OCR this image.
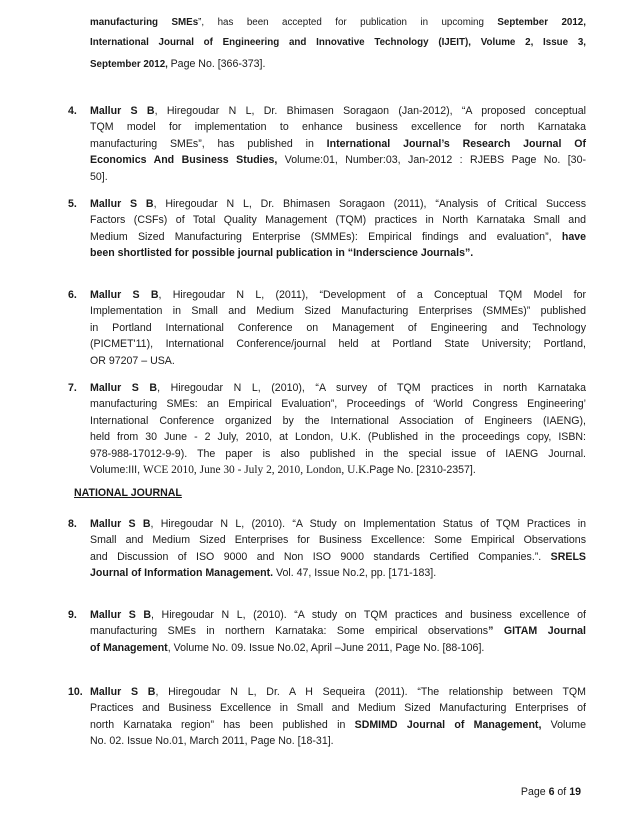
manufacturing SMEs”, has been accepted for publication in upcoming September 2012,
International Journal of Engineering and Innovative Technology (IJEIT), Volume 2, Issue 3,
September 2012, Page No. [366-373].
4.	Mallur S B, Hiregoudar N L, Dr. Bhimasen Soragaon (Jan-2012), “A proposed conceptual
TQM model for implementation to enhance business excellence for north Karnataka
manufacturing SMEs”, has published in International Journal’s Research Journal Of
Economics And Business Studies, Volume:01, Number:03, Jan-2012 : RJEBS Page No. [30-
50].
5.	Mallur S B, Hiregoudar N L, Dr. Bhimasen Soragaon (2011), “Analysis of Critical Success
Factors (CSFs) of Total Quality Management (TQM) practices in North Karnataka Small and
Medium Sized Manufacturing Enterprise (SMMEs): Empirical findings and evaluation”, have
been shortlisted for possible journal publication in “Inderscience Journals”.
6.	Mallur S B, Hiregoudar N L, (2011), “Development of a Conceptual TQM Model for
Implementation in Small and Medium Sized Manufacturing Enterprises (SMMEs)” published
in Portland International Conference on Management of Engineering and Technology
(PICMET'11), International Conference/journal held at Portland State University; Portland,
OR 97207 – USA.
7.	Mallur S B, Hiregoudar N L, (2010), “A survey of TQM practices in north Karnataka
manufacturing SMEs: an Empirical Evaluation”, Proceedings of ‘World Congress Engineering’
International Conference organized by the International Association of Engineers (IAENG),
held from 30 June - 2 July, 2010, at London, U.K. (Published in the proceedings copy, ISBN:
978-988-17012-9-9). The paper is also published in the special issue of IAENG Journal.
Volume:III, WCE 2010, June 30 - July 2, 2010, London, U.K.Page No. [2310-2357].
NATIONAL JOURNAL
8.	Mallur S B, Hiregoudar N L, (2010). “A Study on Implementation Status of TQM Practices in
Small and Medium Sized Enterprises for Business Excellence: Some Empirical Observations
and Discussion of ISO 9000 and Non ISO 9000 standards Certified Companies.”. SRELS
Journal of Information Management. Vol. 47, Issue No.2, pp. [171-183].
9.	Mallur S B, Hiregoudar N L, (2010). “A study on TQM practices and business excellence of
manufacturing SMEs in northern Karnataka: Some empirical observations” GITAM Journal
of Management, Volume No. 09. Issue No.02, April –June 2011, Page No. [88-106].
10. Mallur S B, Hiregoudar N L, Dr. A H Sequeira (2011). “The relationship between TQM
Practices and Business Excellence in Small and Medium Sized Manufacturing Enterprises of
north Karnataka region” has been published in SDMIMD Journal of Management, Volume
No. 02. Issue No.01, March 2011, Page No. [18-31].
Page 6 of 19
